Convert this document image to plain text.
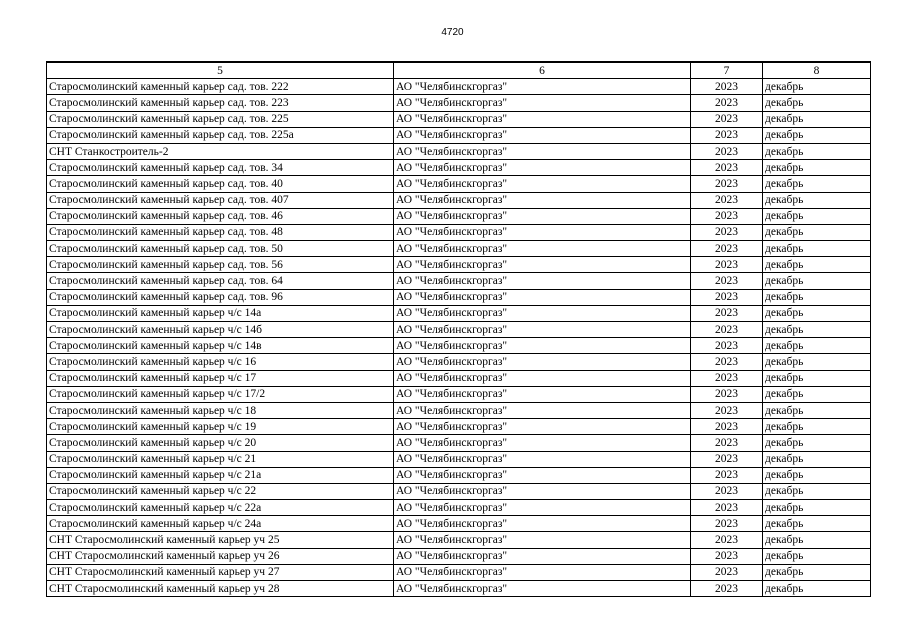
4720
5	6	7	8
Старосмолинский каменный карьер сад. тов. 222	АО "Челябинскгоргаз"	2023	декабрь
Старосмолинский каменный карьер сад. тов. 223	АО "Челябинскгоргаз"	2023	декабрь
Старосмолинский каменный карьер сад. тов. 225	АО "Челябинскгоргаз"	2023	декабрь
Старосмолинский каменный карьер сад. тов. 225а	АО "Челябинскгоргаз"	2023	декабрь
СНТ Станкостроитель-2	АО "Челябинскгоргаз"	2023	декабрь
Старосмолинский каменный карьер сад. тов. 34	АО "Челябинскгоргаз"	2023	декабрь
Старосмолинский каменный карьер сад. тов. 40	АО "Челябинскгоргаз"	2023	декабрь
Старосмолинский каменный карьер сад. тов. 407	АО "Челябинскгоргаз"	2023	декабрь
Старосмолинский каменный карьер сад. тов. 46	АО "Челябинскгоргаз"	2023	декабрь
Старосмолинский каменный карьер сад. тов. 48	АО "Челябинскгоргаз"	2023	декабрь
Старосмолинский каменный карьер сад. тов. 50	АО "Челябинскгоргаз"	2023	декабрь
Старосмолинский каменный карьер сад. тов. 56	АО "Челябинскгоргаз"	2023	декабрь
Старосмолинский каменный карьер сад. тов. 64	АО "Челябинскгоргаз"	2023	декабрь
Старосмолинский каменный карьер сад. тов. 96	АО "Челябинскгоргаз"	2023	декабрь
Старосмолинский каменный карьер ч/с 14а	АО "Челябинскгоргаз"	2023	декабрь
Старосмолинский каменный карьер ч/с 14б	АО "Челябинскгоргаз"	2023	декабрь
Старосмолинский каменный карьер ч/с 14в	АО "Челябинскгоргаз"	2023	декабрь
Старосмолинский каменный карьер ч/с 16	АО "Челябинскгоргаз"	2023	декабрь
Старосмолинский каменный карьер ч/с 17	АО "Челябинскгоргаз"	2023	декабрь
Старосмолинский каменный карьер ч/с 17/2	АО "Челябинскгоргаз"	2023	декабрь
Старосмолинский каменный карьер ч/с 18	АО "Челябинскгоргаз"	2023	декабрь
Старосмолинский каменный карьер ч/с 19	АО "Челябинскгоргаз"	2023	декабрь
Старосмолинский каменный карьер ч/с 20	АО "Челябинскгоргаз"	2023	декабрь
Старосмолинский каменный карьер ч/с 21	АО "Челябинскгоргаз"	2023	декабрь
Старосмолинский каменный карьер ч/с 21а	АО "Челябинскгоргаз"	2023	декабрь
Старосмолинский каменный карьер ч/с 22	АО "Челябинскгоргаз"	2023	декабрь
Старосмолинский каменный карьер ч/с 22а	АО "Челябинскгоргаз"	2023	декабрь
Старосмолинский каменный карьер ч/с 24а	АО "Челябинскгоргаз"	2023	декабрь
СНТ Старосмолинский каменный карьер уч 25	АО "Челябинскгоргаз"	2023	декабрь
СНТ Старосмолинский каменный карьер уч 26	АО "Челябинскгоргаз"	2023	декабрь
СНТ Старосмолинский каменный карьер уч 27	АО "Челябинскгоргаз"	2023	декабрь
СНТ Старосмолинский каменный карьер уч 28	АО "Челябинскгоргаз"	2023	декабрь
